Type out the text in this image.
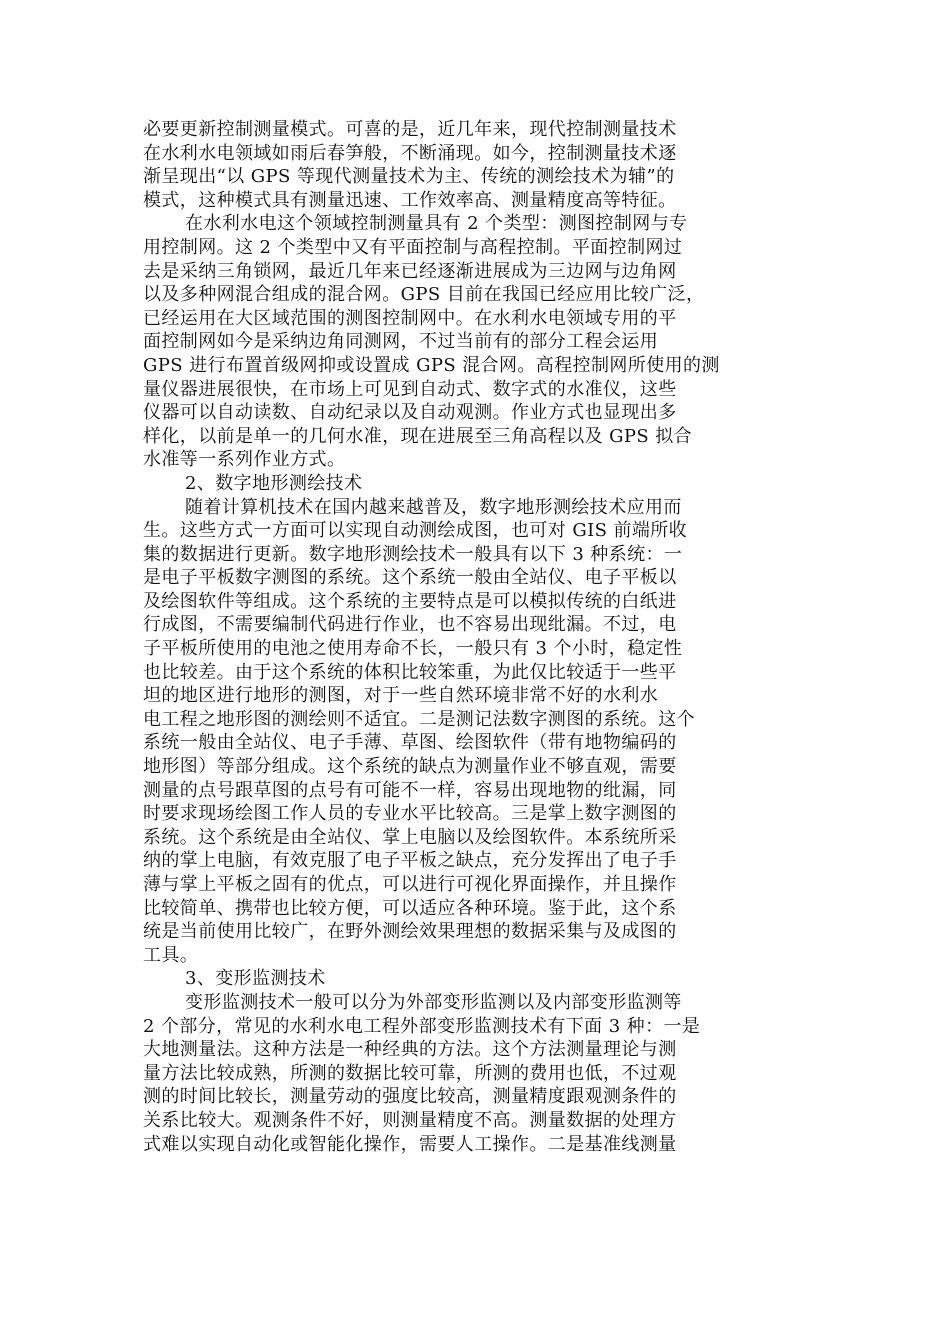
必要更新控制测量模式。可喜的是，近几年来，现代控制测量技术
在水利水电领域如雨后春笋般，不断涌现。如今，控制测量技术逐
渐呈现出“以 GPS 等现代测量技术为主、传统的测绘技术为辅”的
模式，这种模式具有测量迅速、工作效率高、测量精度高等特征。
在水利水电这个领域控制测量具有 2 个类型：测图控制网与专
用控制网。这 2 个类型中又有平面控制与高程控制。平面控制网过
去是采纳三角锁网，最近几年来已经逐渐进展成为三边网与边角网
以及多种网混合组成的混合网。GPS 目前在我国已经应用比较广泛，
已经运用在大区域范围的测图控制网中。在水利水电领域专用的平
面控制网如今是采纳边角同测网，不过当前有的部分工程会运用
GPS 进行布置首级网抑或设置成 GPS 混合网。高程控制网所使用的测
量仪器进展很快，在市场上可见到自动式、数字式的水准仪，这些
仪器可以自动读数、自动纪录以及自动观测。作业方式也显现出多
样化，以前是单一的几何水准，现在进展至三角高程以及 GPS 拟合
水准等一系列作业方式。
2、数字地形测绘技术
随着计算机技术在国内越来越普及，数字地形测绘技术应用而
生。这些方式一方面可以实现自动测绘成图，也可对 GIS 前端所收
集的数据进行更新。数字地形测绘技术一般具有以下 3 种系统：一
是电子平板数字测图的系统。这个系统一般由全站仪、电子平板以
及绘图软件等组成。这个系统的主要特点是可以模拟传统的白纸进
行成图，不需要编制代码进行作业，也不容易出现纰漏。不过，电
子平板所使用的电池之使用寿命不长，一般只有 3 个小时，稳定性
也比较差。由于这个系统的体积比较笨重，为此仅比较适于一些平
坦的地区进行地形的测图，对于一些自然环境非常不好的水利水
电工程之地形图的测绘则不适宜。二是测记法数字测图的系统。这个
系统一般由全站仪、电子手薄、草图、绘图软件（带有地物编码的
地形图）等部分组成。这个系统的缺点为测量作业不够直观，需要
测量的点号跟草图的点号有可能不一样，容易出现地物的纰漏，同
时要求现场绘图工作人员的专业水平比较高。三是掌上数字测图的
系统。这个系统是由全站仪、掌上电脑以及绘图软件。本系统所采
纳的掌上电脑，有效克服了电子平板之缺点，充分发挥出了电子手
薄与掌上平板之固有的优点，可以进行可视化界面操作，并且操作
比较简单、携带也比较方便，可以适应各种环境。鉴于此，这个系
统是当前使用比较广，在野外测绘效果理想的数据采集与及成图的
工具。
3、变形监测技术
变形监测技术一般可以分为外部变形监测以及内部变形监测等
2 个部分，常见的水利水电工程外部变形监测技术有下面 3 种：一是
大地测量法。这种方法是一种经典的方法。这个方法测量理论与测
量方法比较成熟，所测的数据比较可靠，所测的费用也低，不过观
测的时间比较长，测量劳动的强度比较高，测量精度跟观测条件的
关系比较大。观测条件不好，则测量精度不高。测量数据的处理方
式难以实现自动化或智能化操作，需要人工操作。二是基准线测量
